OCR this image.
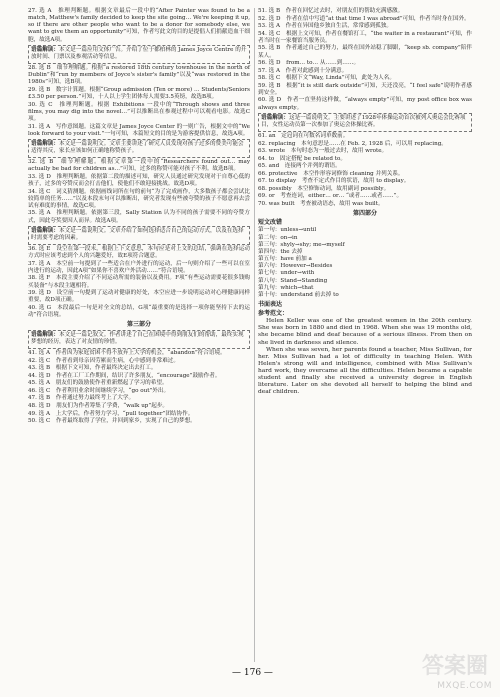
27. 选 A　推理判断题。根据文章最后一段中的“After Painter was found to be a match, Matthew's family decided to keep the site going… We're keeping it up, so if there are other people who want to be a donor for somebody else, we want to give them an opportunity”可知，作者写此文的目的是提倡人们捐献造血干细胞，故选A项。
语篇解读：本文是一篇应用文体广告。介绍了位于都柏林的 James Joyce Centre 的开放时间、门票以及参观活动等信息。
28. 选 B　细节理解题。根据“a restored 18th century townhouse in the north of Dublin”和“run by members of Joyce's sister's family”以及“was restored in the 1980s”可知，选B项。
29. 选 B　数字计算题。根据“Group admission (Ten or more) … Students/Seniors £3.50 per person.”可知，十人以上学生团体每人需要3.5英镑，故选B项。
30. 选 C　推理判断题。根据 Exhibitions 一段中的“Through shows and three films, you may dig into the novel…”可以推断出在参观过程中可以观看电影。故选C项。
31. 选 A　写作意图题。这篇文章是 James Joyce Center 的一则广告，根据文中的“We look forward to your visit.”一句可知，本篇短文的目的是为游客提供信息，故选A项。
语篇解读：本文是一篇说明文。文章主要讲述了研究人员发现对孩子过多的赞美可能会适得其反，家长应该如何正确地称赞孩子。
32. 选 B　细节理解题。根据文章第一段中的“Researchers found out… may actually be bad for children as…”可知，过多的称赞可能对孩子不利。故选B项。
33. 选 D　推理判断题。依据第二段的描述可知，研究人员通过研究发现对于自尊心低的孩子，过多的夸赞反而会打击他们，使他们不敢迎接挑战。故选D项。
34. 选 C　词义猜测题。依据画线词所在句的前句“为了完成画作，大多数孩子都会尝试比较简单的任务……”以及本段末句可以推断出，研究者发现有些被夸赞的孩子不愿意再去尝试有难度的事情，故选C项。
35. 选 A　推理判断题。依据第三段，Sally Station 认为不同的孩子需要不同的夸赞方式，因此夸奖要因人而异。故选A项。
语篇解读：本文是一篇说明文。文章介绍了如何选择适合自己的运动方式，以及在选择时需要考虑的因素。
36. 选 E　设空在第一段末，根据上下文意思，本句应是对上文的总结，强调在选择运动方式时应该考虑到个人的兴趣爱好，故E项符合题意。
37. 选 A　本空前一句提到了一些适合在户外进行的运动，后一句则介绍了一些可以在室内进行的运动，因此A项“如果你不喜欢户外活动……”符合语境。
38. 选 F　本段主要介绍了不同运动所需的装备以及费用。F项“有些运动需要花很多钱购买装备”与本段主题相符。
39. 选 D　设空前一句提到了运动对健康的好处，本空应进一步说明运动对心理健康同样重要，故D项正确。
40. 选 G　本段最后一句是对全文的总结，G项“最重要的是选择一项你能坚持下去的运动”符合语境。
第三部分
语篇解读：本文是一篇记叙文。作者讲述了自己在困境中得到朋友们的帮助，最终实现梦想的经历，表达了对友情的珍惜。
41. 选 A　作者因为家庭贫困不得不放弃上大学的机会，“abandon”符合语境。
42. 选 C　作者看到母亲因劳累而生病，心中感到非常难过。
43. 选 B　根据下文可知，作者最终决定出去打工。
44. 选 D　作者在工厂工作期间，结识了许多朋友，“encourage”鼓励作者。
45. 选 A　朋友们的鼓励使作者重新燃起了学习的希望。
46. 选 C　作者利用业余时间继续学习，“go out”外出。
47. 选 B　作者通过努力最终考上了大学。
48. 选 D　朋友们为作者筹集了学费，“walk up”起步。
49. 选 A　上大学后，作者努力学习，“pull together”团结协作。
50. 选 C　作者最终取得了学位，并回到家乡，实现了自己的梦想。
51. 选 B　作者在回忆过去时，对朋友们的帮助充满感激。
52. 选 D　作者在信中写道“at that time I was abroad”可知，作者当时身在国外。
53. 选 A　作者在异国他乡独自生活，常常感到孤独。
54. 选 C　根据上文可知，作者在餐馆打工，“the waiter in a restaurant”可知，作者当时在一家餐馆当服务员。
55. 选 B　作者通过自己的努力，最终在国外站稳了脚跟，“keep sb. company”陪伴某人。
56. 选 D　from… to… 从……到……。
57. 选 A　作者对此感到十分满意。
58. 选 C　根据下文“Way, Linda”可知，此处为人名。
59. 选 B　根据“it is still dark outside”可知，天还没亮，“I feel safe”说明作者感到安全。
60. 选 D　作者一直坚持这样做，“always empty”可知，my post office box was always empty。
语篇解读：这是一篇说明文。主要讲述了1928年体操运动首次被列入奥运会比赛项目，女性运动员第一次参加了奥运会体操比赛。
61. an　定冠词在可数名词单数前。
62. replacing　本句意思是……在 Feb. 2, 1928 后，可以用 replacing。
63. wrote　本句时态为一般过去时，故用 wrote。
64. to　固定搭配 be related to。
65. and　连接两个并列的谓语。
66. protective　本空作形容词修饰 cleaning 并列关系。
67. to display　考查不定式作目的状语，故用 to display。
68. possibly　本空修饰动词，故用副词 possibly。
69. or　考查连词，either… or… “或者……或者……”。
70. was built　考查被动语态，故用 was built。
第四部分
短文改错
第一句：unless→until
第二句：on→in
第三句：shyly→shy; me→myself
第四句：the 去掉
第五句：have 前加 a
第六句：However→Besides
第七句：under→with
第八句：Stand→Standing
第九句：which→that
第十句：understand 前去掉 to
书面表达
参考范文：
Helen Keller was one of the greatest women in the 20th century. She was born in 1880 and died in 1968. When she was 19 months old, she became blind and deaf because of a serious illness. From then on she lived in darkness and silence.
When she was seven, her parents found a teacher, Miss Sullivan, for her. Miss Sullivan had a lot of difficulty in teaching Helen. With Helen's strong will and intelligence, combined with Miss Sullivan's hard work, they overcame all the difficulties. Helen became a capable student and finally she received a university degree in English literature. Later on she devoted all herself to helping the blind and deaf children.
— 176 —	答案圈
MXQE.COM
